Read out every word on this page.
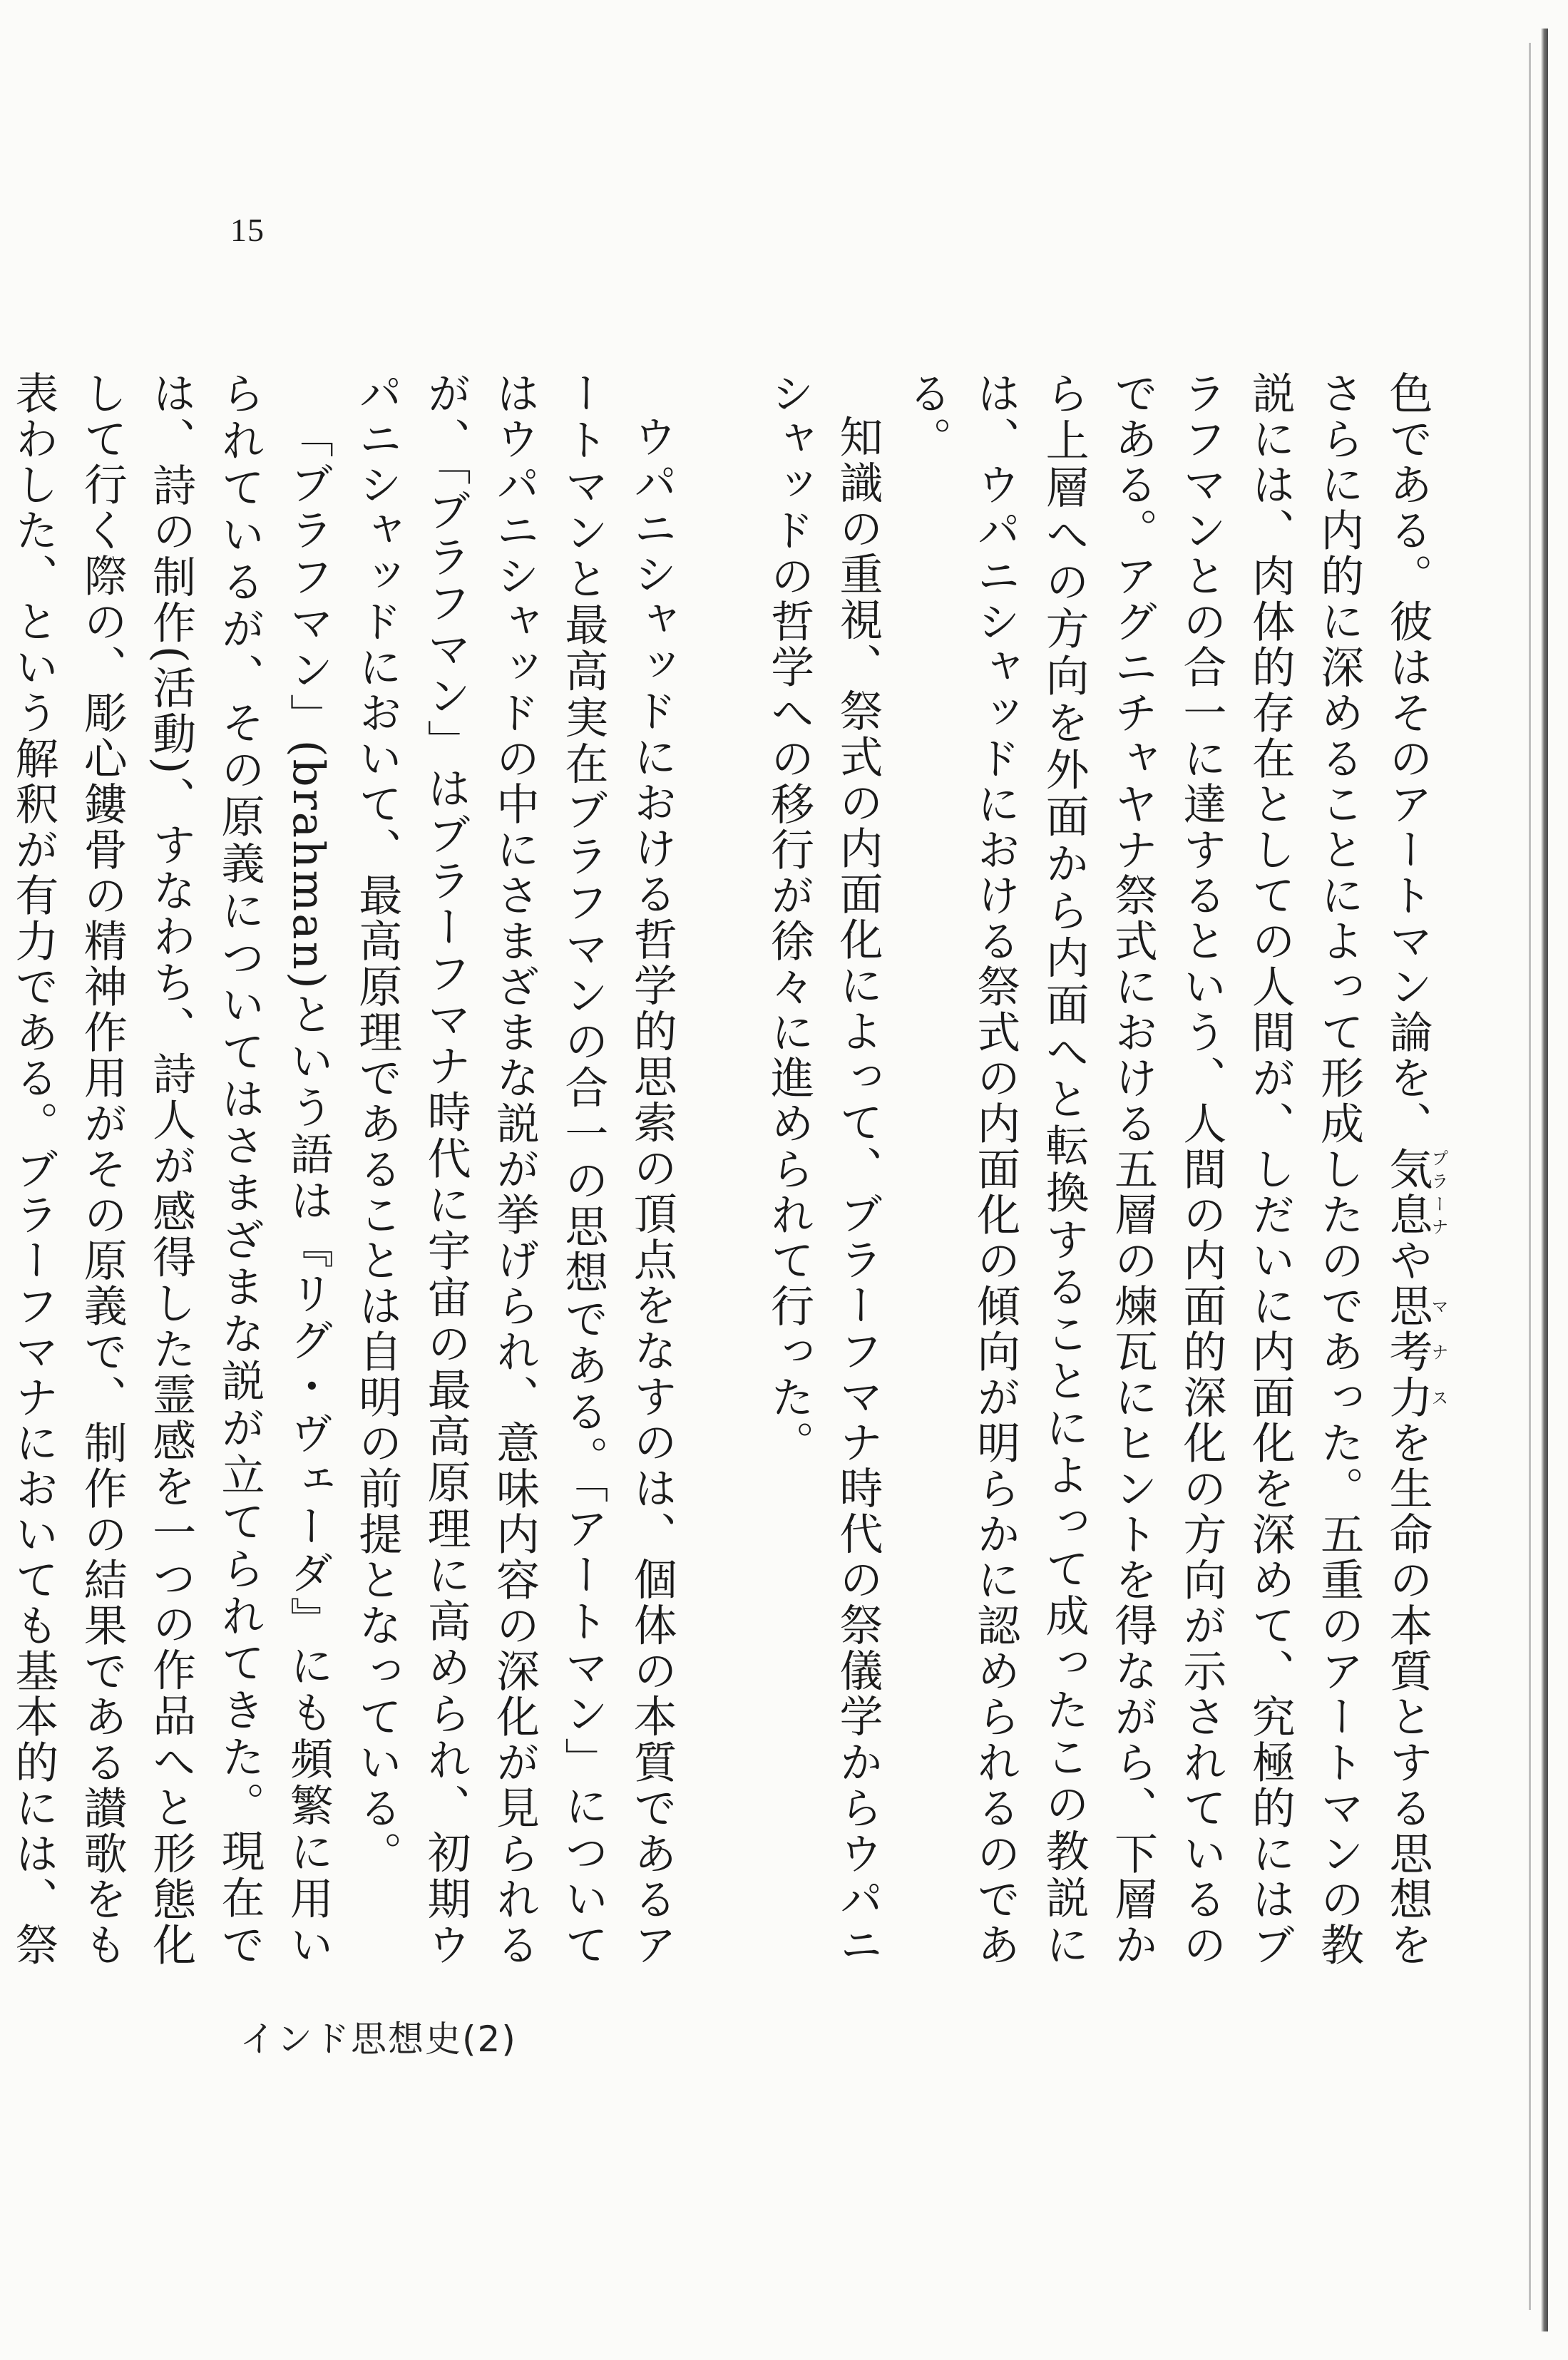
15

色である。彼はそのアートマン論を、気息プラーナや思考力マナスを生命の本質とする思想をさらに内的に深めることによって形成したのであった。五重のアートマンの教説には、肉体的存在としての人間が、しだいに内面化を深めて、究極的にはブラフマンとの合一に達するという、人間の内面的深化の方向が示されているのである。アグニチャヤナ祭式における五層の煉瓦にヒントを得ながら、下層から上層への方向を外面から内面へと転換することによって成ったこの教説には、ウパニシャッドにおける祭式の内面化の傾向が明らかに認められるのである。

知識の重視、祭式の内面化によって、ブラーフマナ時代の祭儀学からウパニシャッドの哲学への移行が徐々に進められて行った。

ウパニシャッドにおける哲学的思索の頂点をなすのは、個体の本質であるアートマンと最高実在ブラフマンの合一の思想である。「アートマン」についてはウパニシャッドの中にさまざまな説が挙げられ、意味内容の深化が見られるが、「ブラフマン」はブラーフマナ時代に宇宙の最高原理に高められ、初期ウパニシャッドにおいて、最高原理であることは自明の前提となっている。

「ブラフマン」(brahman)という語は『リグ・ヴェーダ』にも頻繁に用いられているが、その原義についてはさまざまな説が立てられてきた。現在では、詩の制作(活動)、すなわち、詩人が感得した霊感を一つの作品へと形態化して行く際の、彫心鏤骨の精神作用がその原義で、制作の結果である讃歌をも表わした、という解釈が有力である。ブラーフマナにおいても基本的には、祭

インド思想史(2)
